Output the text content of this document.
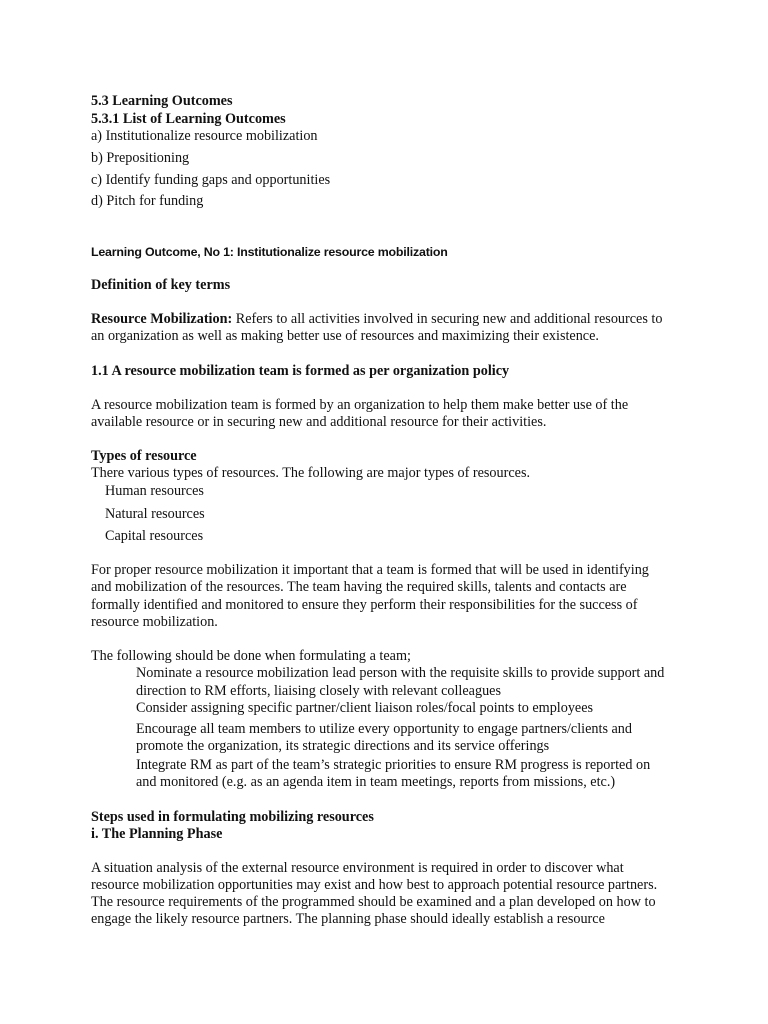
5.3 Learning Outcomes

5.3.1 List of Learning Outcomes

a) Institutionalize resource mobilization

b) Prepositioning

c) Identify funding gaps and opportunities

d) Pitch for funding

Learning Outcome, No 1: Institutionalize resource mobilization

Definition of key terms

Resource Mobilization: Refers to all activities involved in securing new and additional resources to

an organization as well as making better use of resources and maximizing their existence.

1.1 A resource mobilization team is formed as per organization policy

A resource mobilization team is formed by an organization to help them make better use of the

available resource or in securing new and additional resource for their activities.

Types of resource

There various types of resources. The following are major types of resources.

Human resources

Natural resources

Capital resources

For proper resource mobilization it important that a team is formed that will be used in identifying

and mobilization of the resources. The team having the required skills, talents and contacts are

formally identified and monitored to ensure they perform their responsibilities for the success of

resource mobilization.

The following should be done when formulating a team;

Nominate a resource mobilization lead person with the requisite skills to provide support and

direction to RM efforts, liaising closely with relevant colleagues

Consider assigning specific partner/client liaison roles/focal points to employees

Encourage all team members to utilize every opportunity to engage partners/clients and

promote the organization, its strategic directions and its service offerings

Integrate RM as part of the team’s strategic priorities to ensure RM progress is reported on

and monitored (e.g. as an agenda item in team meetings, reports from missions, etc.)

Steps used in formulating mobilizing resources

i. The Planning Phase

A situation analysis of the external resource environment is required in order to discover what

resource mobilization opportunities may exist and how best to approach potential resource partners.

The resource requirements of the programmed should be examined and a plan developed on how to

engage the likely resource partners. The planning phase should ideally establish a resource
